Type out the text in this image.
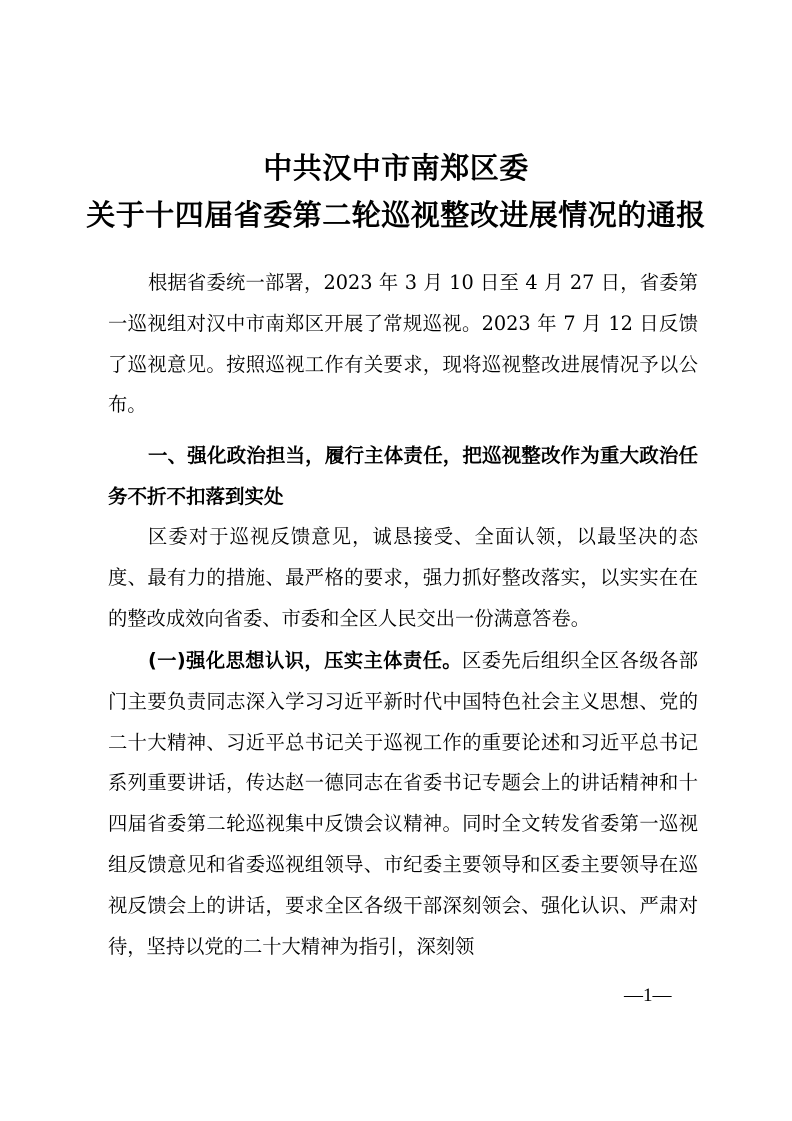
中共汉中市南郑区委
关于十四届省委第二轮巡视整改进展情况的通报

根据省委统一部署，2023 年 3 月 10 日至 4 月 27 日，省委第一巡视组对汉中市南郑区开展了常规巡视。2023 年 7 月 12 日反馈了巡视意见。按照巡视工作有关要求，现将巡视整改进展情况予以公布。

一、强化政治担当，履行主体责任，把巡视整改作为重大政治任务不折不扣落到实处

区委对于巡视反馈意见，诚恳接受、全面认领，以最坚决的态度、最有力的措施、最严格的要求，强力抓好整改落实，以实实在在的整改成效向省委、市委和全区人民交出一份满意答卷。

(一)强化思想认识，压实主体责任。区委先后组织全区各级各部门主要负责同志深入学习习近平新时代中国特色社会主义思想、党的二十大精神、习近平总书记关于巡视工作的重要论述和习近平总书记系列重要讲话，传达赵一德同志在省委书记专题会上的讲话精神和十四届省委第二轮巡视集中反馈会议精神。同时全文转发省委第一巡视组反馈意见和省委巡视组领导、市纪委主要领导和区委主要领导在巡视反馈会上的讲话，要求全区各级干部深刻领会、强化认识、严肃对待，坚持以党的二十大精神为指引，深刻领

—1—
